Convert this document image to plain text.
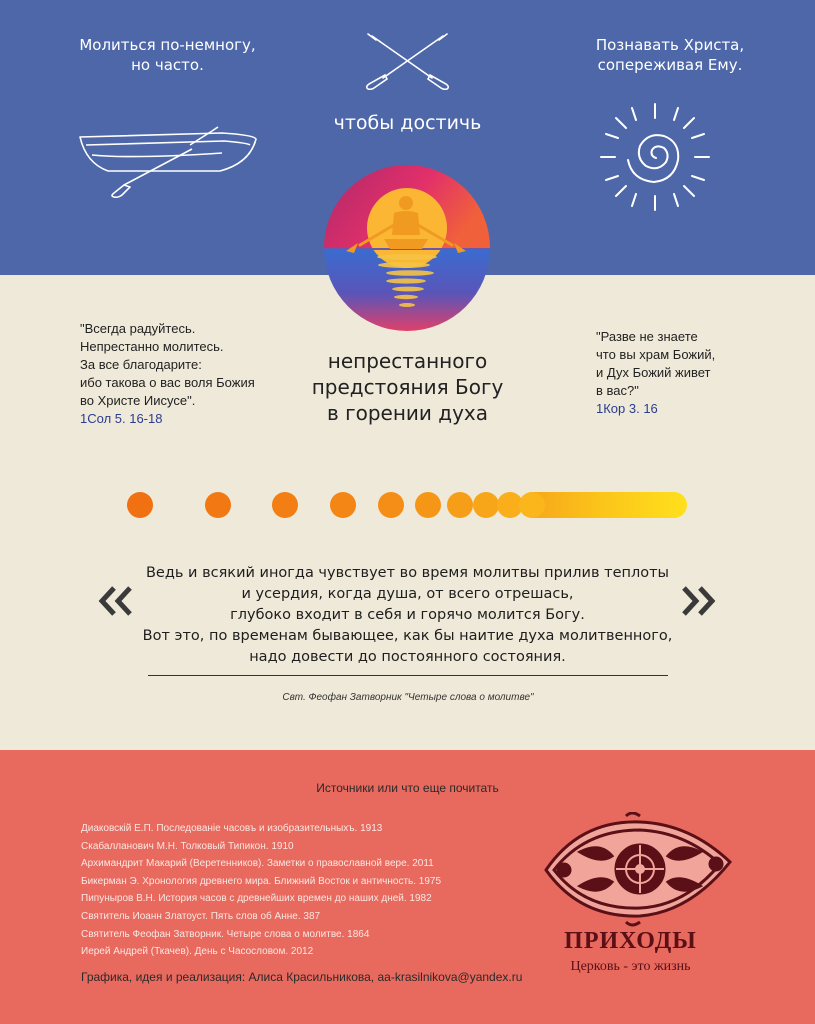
Молиться по-немногу,
но часто.
Познавать Христа,
сопереживая Ему.
чтобы достичь
"Всегда радуйтесь.
Непрестанно молитесь.
За все благодарите:
ибо такова о вас воля Божия
во Христе Иисусе".
1Сол 5. 16-18
"Разве не знаете
что вы храм Божий,
и Дух Божий живет
в вас?"
1Кор 3. 16
непрестанного
предстояния Богу
в горении духа
Ведь и всякий иногда чувствует во время молитвы прилив теплоты
и усердия, когда душа, от всего отрешась,
глубоко входит в себя и горячо молится Богу.
Вот это, по временам бывающее, как бы наитие духа молитвенного,
надо довести до постоянного состояния.
Свт. Феофан Затворник "Четыре слова о молитве"
Источники или что еще почитать
Диаковскiй Е.П. Последованiе часовъ и изобразительныхъ. 1913
Скабалланович М.Н. Толковый Типикон. 1910
Архимандрит Макарий (Веретенников). Заметки о православной вере. 2011
Бикерман Э. Хронология древнего мира. Ближний Восток и античность. 1975
Пипуныров В.Н. История часов с древнейших времен до наших дней. 1982
Святитель Иоанн Златоуст. Пять слов об Анне. 387
Святитель Феофан Затворник. Четыре слова о молитве. 1864
Иерей Андрей (Ткачев). День с Часословом. 2012
Графика, идея и реализация: Алиса Красильникова, aa-krasilnikova@yandex.ru
ПРИХОДЫ
Церковь - это жизнь
